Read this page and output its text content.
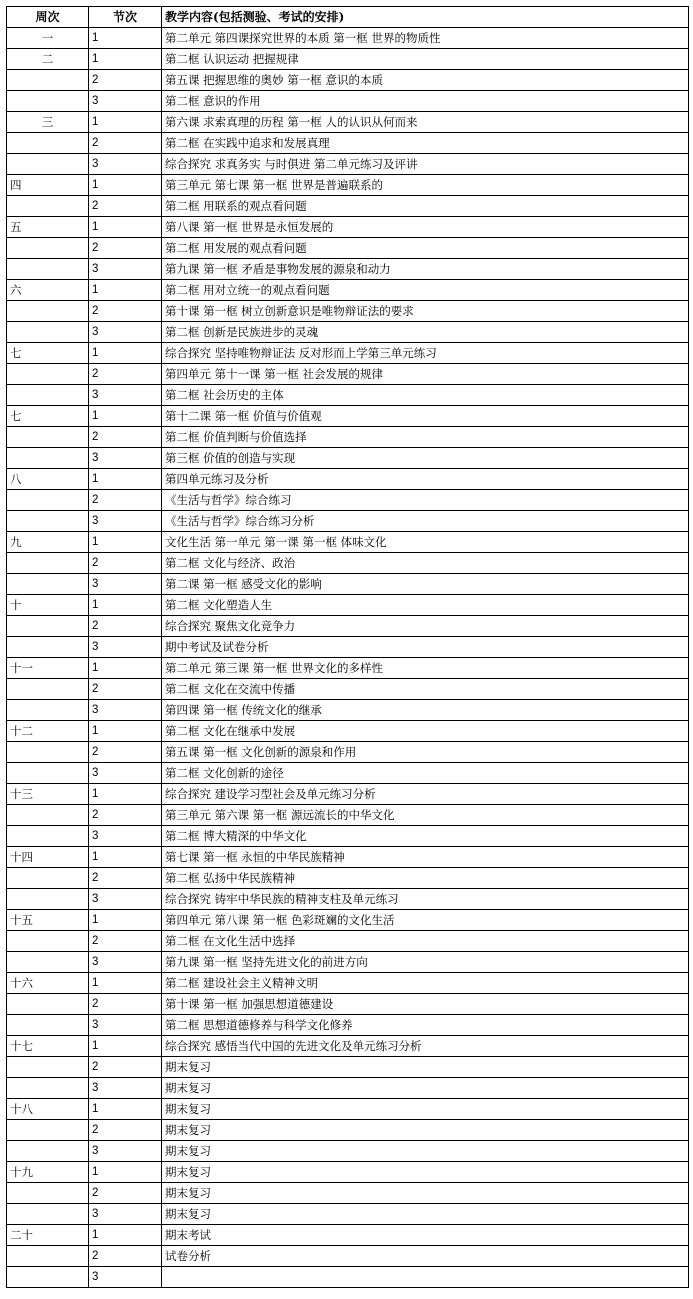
周次	节次	教学内容(包括测验、考试的安排)
一	1	第二单元 第四课探究世界的本质 第一框 世界的物质性
二	1	第二框 认识运动 把握规律
	2	第五课 把握思维的奥妙 第一框 意识的本质
	3	第二框 意识的作用
三	1	第六课 求索真理的历程 第一框 人的认识从何而来
	2	第二框 在实践中追求和发展真理
	3	综合探究 求真务实 与时俱进 第二单元练习及评讲
四	1	第三单元 第七课 第一框 世界是普遍联系的
	2	第二框 用联系的观点看问题
五	1	第八课 第一框 世界是永恒发展的
	2	第二框 用发展的观点看问题
	3	第九课 第一框 矛盾是事物发展的源泉和动力
六	1	第二框 用对立统一的观点看问题
	2	第十课 第一框 树立创新意识是唯物辩证法的要求
	3	第二框 创新是民族进步的灵魂
七	1	综合探究 坚持唯物辩证法 反对形而上学第三单元练习
	2	第四单元 第十一课 第一框 社会发展的规律
	3	第二框 社会历史的主体
七	1	第十二课 第一框 价值与价值观
	2	第二框 价值判断与价值选择
	3	第三框 价值的创造与实现
八	1	第四单元练习及分析
	2	《生活与哲学》综合练习
	3	《生活与哲学》综合练习分析
九	1	文化生活 第一单元 第一课 第一框 体味文化
	2	第二框 文化与经济、政治
	3	第二课 第一框 感受文化的影响
十	1	第二框 文化塑造人生
	2	综合探究 聚焦文化竞争力
	3	期中考试及试卷分析
十一	1	第二单元 第三课 第一框 世界文化的多样性
	2	第二框 文化在交流中传播
	3	第四课 第一框 传统文化的继承
十二	1	第二框 文化在继承中发展
	2	第五课 第一框 文化创新的源泉和作用
	3	第二框 文化创新的途径
十三	1	综合探究 建设学习型社会及单元练习分析
	2	第三单元 第六课 第一框 源远流长的中华文化
	3	第二框 博大精深的中华文化
十四	1	第七课 第一框 永恒的中华民族精神
	2	第二框 弘扬中华民族精神
	3	综合探究 铸牢中华民族的精神支柱及单元练习
十五	1	第四单元 第八课 第一框 色彩斑斓的文化生活
	2	第二框 在文化生活中选择
	3	第九课 第一框 坚持先进文化的前进方向
十六	1	第二框 建设社会主义精神文明
	2	第十课 第一框 加强思想道德建设
	3	第二框 思想道德修养与科学文化修养
十七	1	综合探究 感悟当代中国的先进文化及单元练习分析
	2	期末复习
	3	期末复习
十八	1	期末复习
	2	期末复习
	3	期末复习
十九	1	期末复习
	2	期末复习
	3	期末复习
二十	1	期末考试
	2	试卷分析
	3	
